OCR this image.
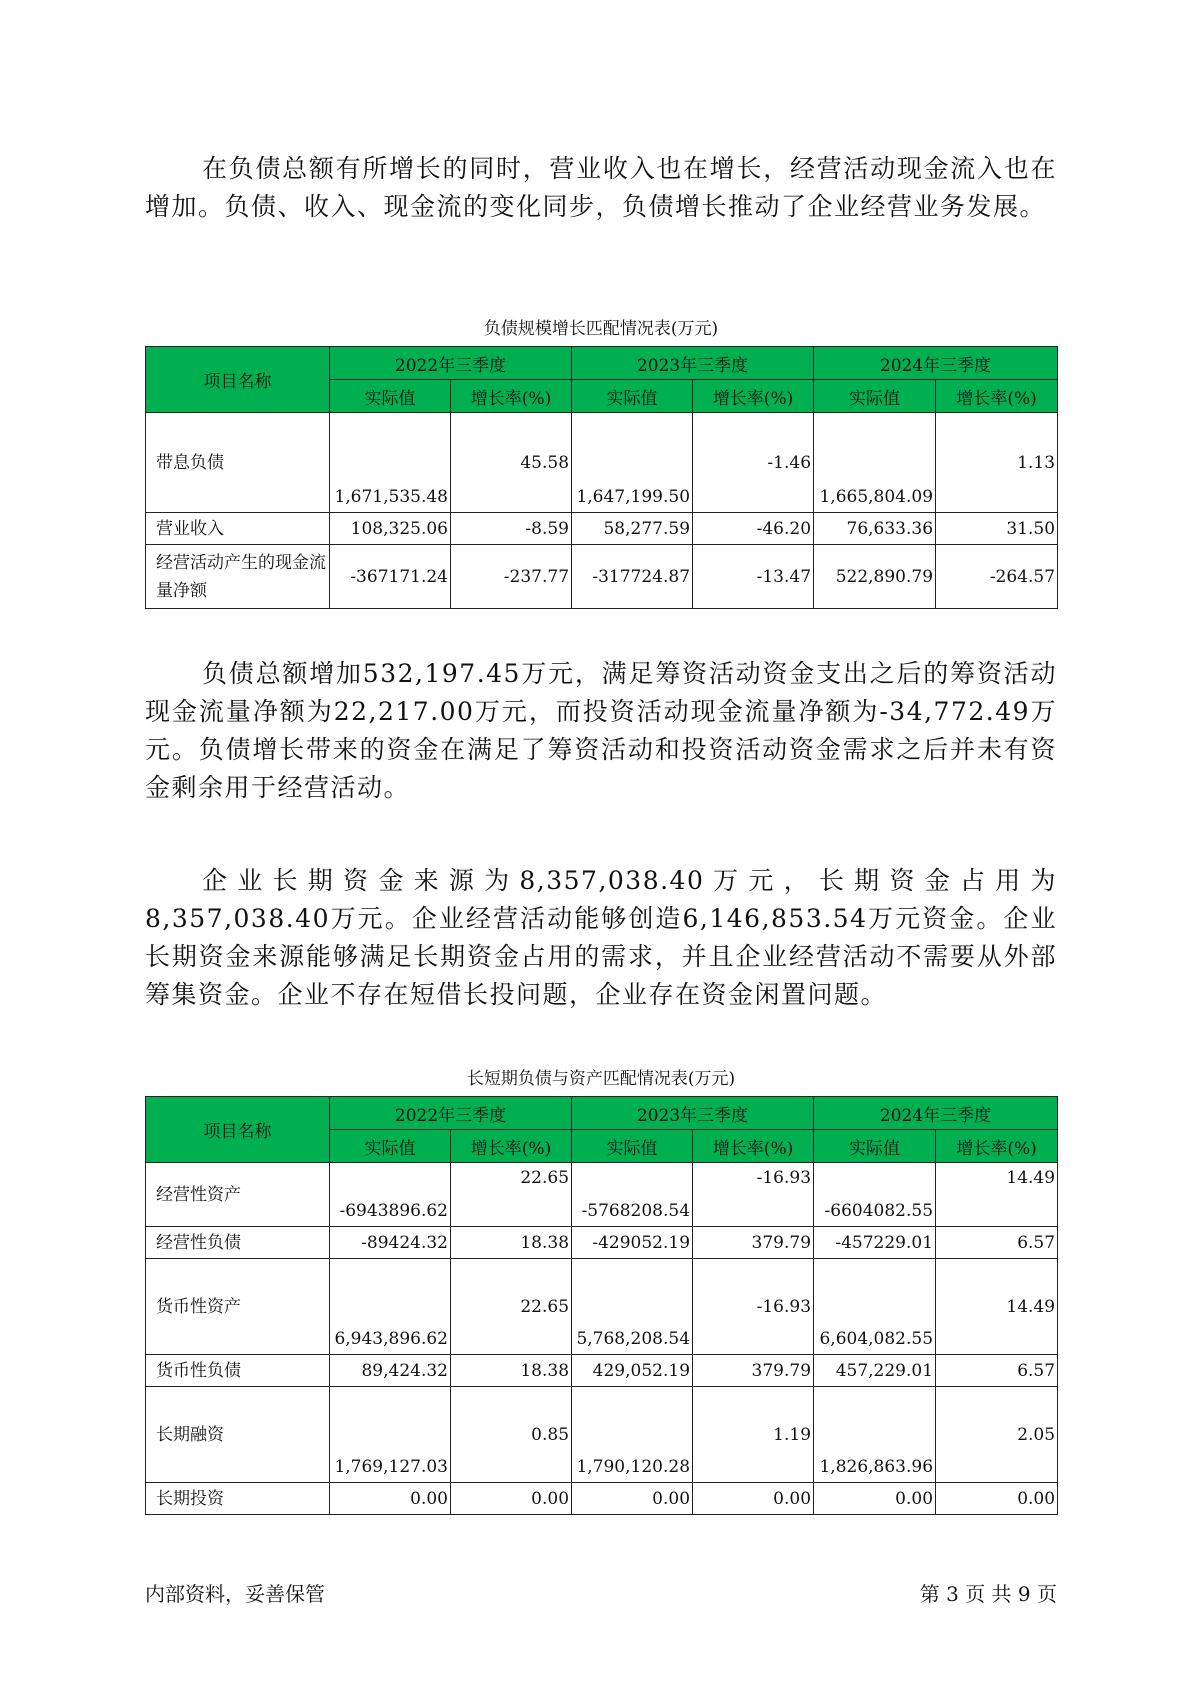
在负债总额有所增长的同时，营业收入也在增长，经营活动现金流入也在增加。负债、收入、现金流的变化同步，负债增长推动了企业经营业务发展。

负债规模增长匹配情况表(万元)
项目名称	2022年三季度		2023年三季度		2024年三季度	
	实际值	增长率(%)	实际值	增长率(%)	实际值	增长率(%)
带息负债	1,671,535.48	45.58	1,647,199.50	-1.46	1,665,804.09	1.13
营业收入	108,325.06	-8.59	58,277.59	-46.20	76,633.36	31.50
经营活动产生的现金流量净额	-367171.24	-237.77	-317724.87	-13.47	522,890.79	-264.57

负债总额增加532,197.45万元，满足筹资活动资金支出之后的筹资活动现金流量净额为22,217.00万元，而投资活动现金流量净额为-34,772.49万元。负债增长带来的资金在满足了筹资活动和投资活动资金需求之后并未有资金剩余用于经营活动。

企业长期资金来源为8,357,038.40万元，长期资金占用为8,357,038.40万元。企业经营活动能够创造6,146,853.54万元资金。企业长期资金来源能够满足长期资金占用的需求，并且企业经营活动不需要从外部筹集资金。企业不存在短借长投问题，企业存在资金闲置问题。

长短期负债与资产匹配情况表(万元)
项目名称	2022年三季度		2023年三季度		2024年三季度	
	实际值	增长率(%)	实际值	增长率(%)	实际值	增长率(%)
经营性资产	-6943896.62	22.65	-5768208.54	-16.93	-6604082.55	14.49
经营性负债	-89424.32	18.38	-429052.19	379.79	-457229.01	6.57
货币性资产	6,943,896.62	22.65	5,768,208.54	-16.93	6,604,082.55	14.49
货币性负债	89,424.32	18.38	429,052.19	379.79	457,229.01	6.57
长期融资	1,769,127.03	0.85	1,790,120.28	1.19	1,826,863.96	2.05
长期投资	0.00	0.00	0.00	0.00	0.00	0.00
内部资料，妥善保管	第 3 页 共 9 页
